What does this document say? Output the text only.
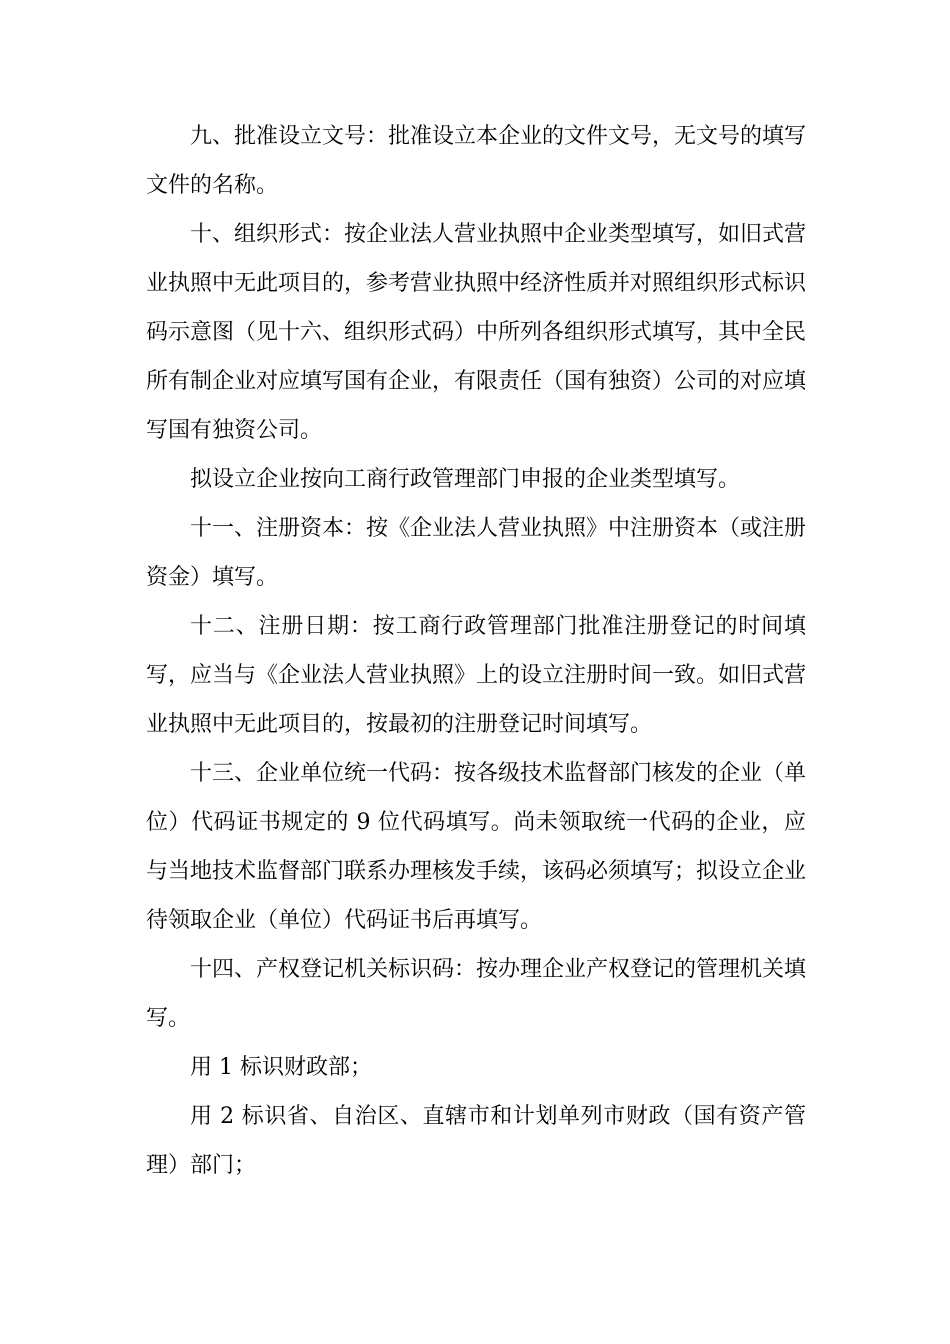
九、批准设立文号：批准设立本企业的文件文号，无文号的填写文件的名称。

十、组织形式：按企业法人营业执照中企业类型填写，如旧式营业执照中无此项目的，参考营业执照中经济性质并对照组织形式标识码示意图（见十六、组织形式码）中所列各组织形式填写，其中全民所有制企业对应填写国有企业，有限责任（国有独资）公司的对应填写国有独资公司。

拟设立企业按向工商行政管理部门申报的企业类型填写。

十一、注册资本：按《企业法人营业执照》中注册资本（或注册资金）填写。

十二、注册日期：按工商行政管理部门批准注册登记的时间填写，应当与《企业法人营业执照》上的设立注册时间一致。如旧式营业执照中无此项目的，按最初的注册登记时间填写。

十三、企业单位统一代码：按各级技术监督部门核发的企业（单位）代码证书规定的 9 位代码填写。尚未领取统一代码的企业，应与当地技术监督部门联系办理核发手续，该码必须填写；拟设立企业待领取企业（单位）代码证书后再填写。

十四、产权登记机关标识码：按办理企业产权登记的管理机关填写。

用 1 标识财政部；

用 2 标识省、自治区、直辖市和计划单列市财政（国有资产管理）部门；
